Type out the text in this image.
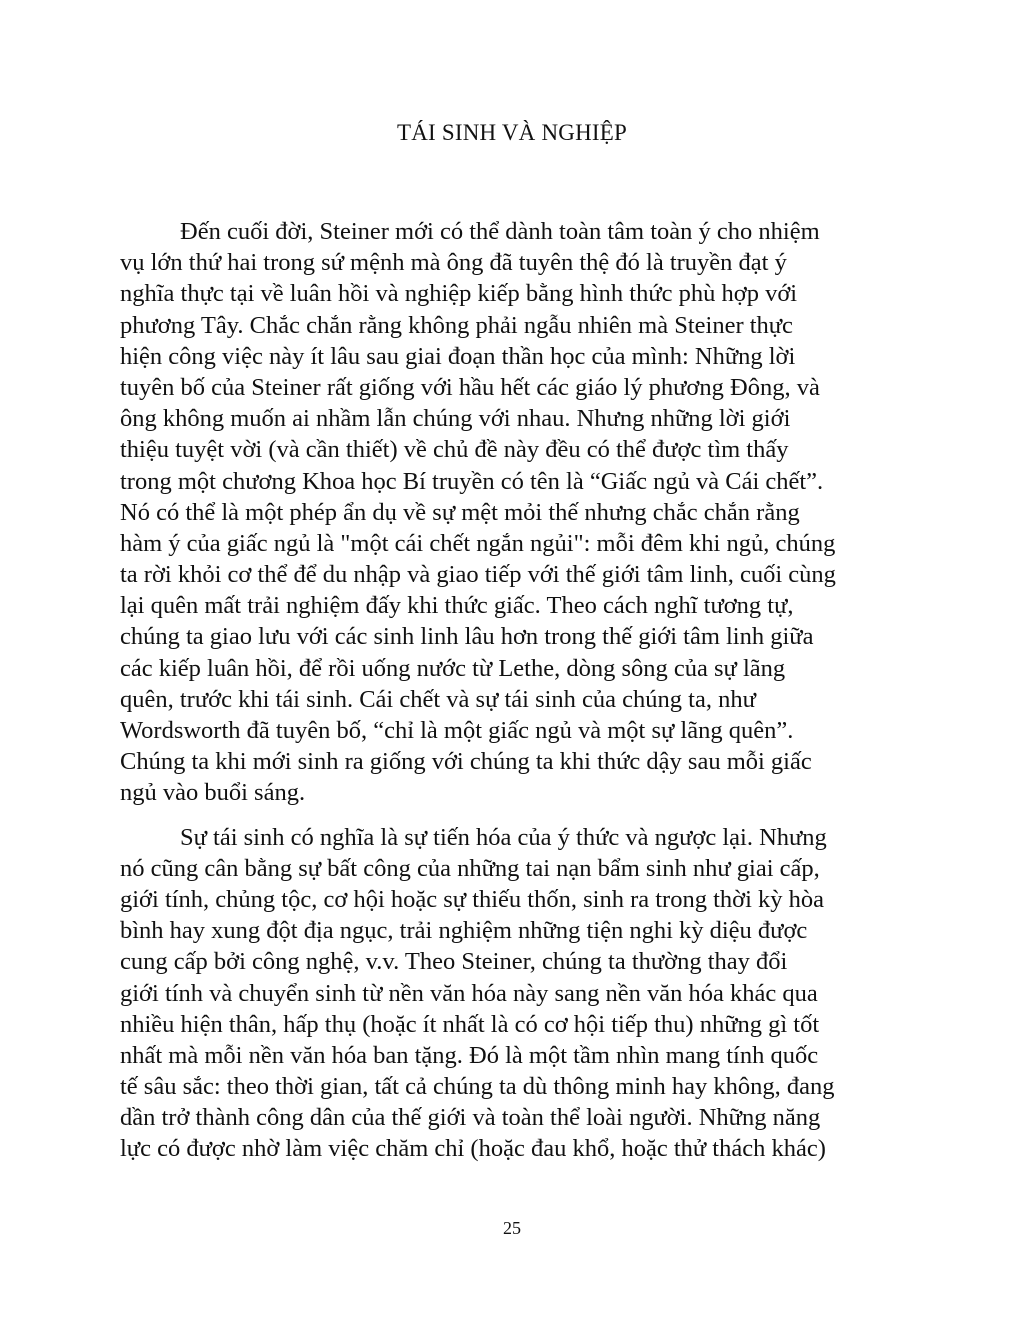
TÁI SINH VÀ NGHIỆP
Đến cuối đời, Steiner mới có thể dành toàn tâm toàn ý cho nhiệm
vụ lớn thứ hai trong sứ mệnh mà ông đã tuyên thệ đó là truyền đạt ý
nghĩa thực tại về luân hồi và nghiệp kiếp bằng hình thức phù hợp với
phương Tây. Chắc chắn rằng không phải ngẫu nhiên mà Steiner thực
hiện công việc này ít lâu sau giai đoạn thần học của mình: Những lời
tuyên bố của Steiner rất giống với hầu hết các giáo lý phương Đông, và
ông không muốn ai nhầm lẫn chúng với nhau. Nhưng những lời giới
thiệu tuyệt vời (và cần thiết) về chủ đề này đều có thể được tìm thấy
trong một chương Khoa học Bí truyền có tên là “Giấc ngủ và Cái chết”.
Nó có thể là một phép ẩn dụ về sự mệt mỏi thế nhưng chắc chắn rằng
hàm ý của giấc ngủ là "một cái chết ngắn ngủi": mỗi đêm khi ngủ, chúng
ta rời khỏi cơ thể để du nhập và giao tiếp với thế giới tâm linh, cuối cùng
lại quên mất trải nghiệm đấy khi thức giấc. Theo cách nghĩ tương tự,
chúng ta giao lưu với các sinh linh lâu hơn trong thế giới tâm linh giữa
các kiếp luân hồi, để rồi uống nước từ Lethe, dòng sông của sự lãng
quên, trước khi tái sinh. Cái chết và sự tái sinh của chúng ta, như
Wordsworth đã tuyên bố, “chỉ là một giấc ngủ và một sự lãng quên”.
Chúng ta khi mới sinh ra giống với chúng ta khi thức dậy sau mỗi giấc
ngủ vào buổi sáng.
Sự tái sinh có nghĩa là sự tiến hóa của ý thức và ngược lại. Nhưng
nó cũng cân bằng sự bất công của những tai nạn bẩm sinh như giai cấp,
giới tính, chủng tộc, cơ hội hoặc sự thiếu thốn, sinh ra trong thời kỳ hòa
bình hay xung đột địa ngục, trải nghiệm những tiện nghi kỳ diệu được
cung cấp bởi công nghệ, v.v. Theo Steiner, chúng ta thường thay đổi
giới tính và chuyển sinh từ nền văn hóa này sang nền văn hóa khác qua
nhiều hiện thân, hấp thụ (hoặc ít nhất là có cơ hội tiếp thu) những gì tốt
nhất mà mỗi nền văn hóa ban tặng. Đó là một tầm nhìn mang tính quốc
tế sâu sắc: theo thời gian, tất cả chúng ta dù thông minh hay không, đang
dần trở thành công dân của thế giới và toàn thể loài người. Những năng
lực có được nhờ làm việc chăm chỉ (hoặc đau khổ, hoặc thử thách khác)
25
